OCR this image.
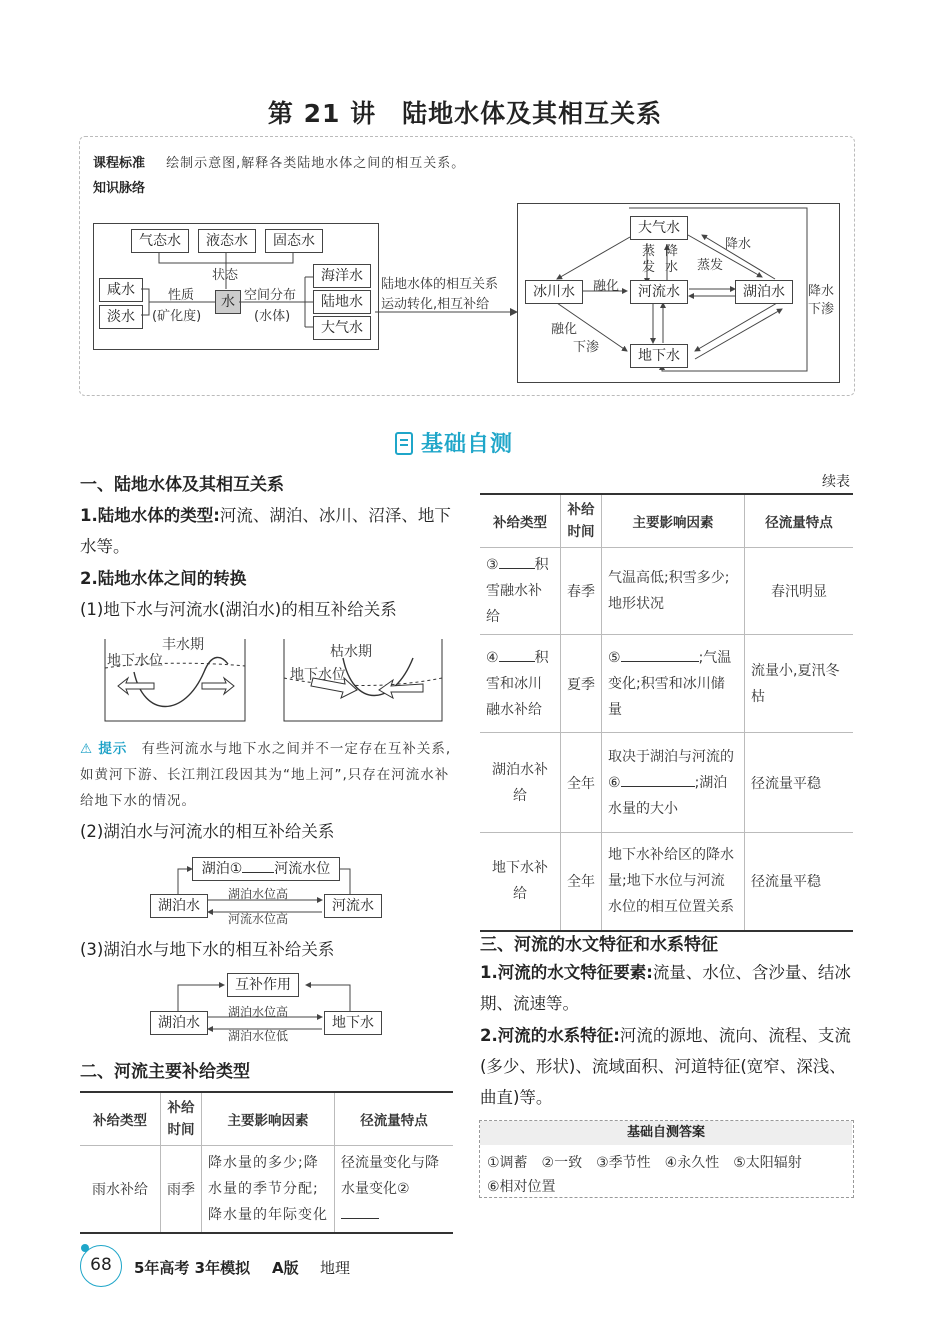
第 21 讲　陆地水体及其相互关系
课程标准 绘制示意图,解释各类陆地水体之间的相互关系。
知识脉络
气态水	液态水	固态水
状态
水
咸水
淡水
性质
(矿化度)
空间分布
(水体)
海洋水
陆地水
大气水
陆地水体的相互关系
运动转化,相互补给
大气水
冰川水	河流水	湖泊水
地下水
蒸发
降水 蒸发
降水
融化
融化
下渗
降水
下渗
基础自测
一、陆地水体及其相互关系
1.陆地水体的类型:河流、湖泊、冰川、沼泽、地下水等。
2.陆地水体之间的转换
(1)地下水与河流水(湖泊水)的相互补给关系
丰水期
地下水位
枯水期
地下水位
⚠ 提示 有些河流水与地下水之间并不一定存在互补关系,如黄河下游、长江荆江段因其为“地上河”,只存在河流水补给地下水的情况。
(2)湖泊水与河流水的相互补给关系
湖泊① 河流水位
湖泊水	河流水
湖泊水位高
河流水位高
(3)湖泊水与地下水的相互补给关系
互补作用
湖泊水	地下水
湖泊水位高
湖泊水位低
二、河流主要补给类型
补给类型	补给时间	主要影响因素	径流量特点
雨水补给	雨季	降水量的多少;降水量的季节分配;降水量的年际变化	径流量变化与降水量变化②
续表
补给类型	补给时间	主要影响因素	径流量特点
③ 积雪融水补给	春季	气温高低;积雪多少;地形状况	春汛明显
④ 积雪和冰川融水补给	夏季	⑤ ;气温变化;积雪和冰川储量	流量小,夏汛冬枯
湖泊水补给	全年	取决于湖泊与河流的⑥ ;湖泊水量的大小	径流量平稳
地下水补给	全年	地下水补给区的降水量;地下水位与河流水位的相互位置关系	径流量平稳
三、河流的水文特征和水系特征
1.河流的水文特征要素:流量、水位、含沙量、结冰期、流速等。
2.河流的水系特征:河流的源地、流向、流程、支流(多少、形状)、流域面积、河道特征(宽窄、深浅、曲直)等。
基础自测答案
①调蓄　②一致　③季节性　④永久性　⑤太阳辐射
⑥相对位置
68	5年高考 3年模拟 A版 地理
